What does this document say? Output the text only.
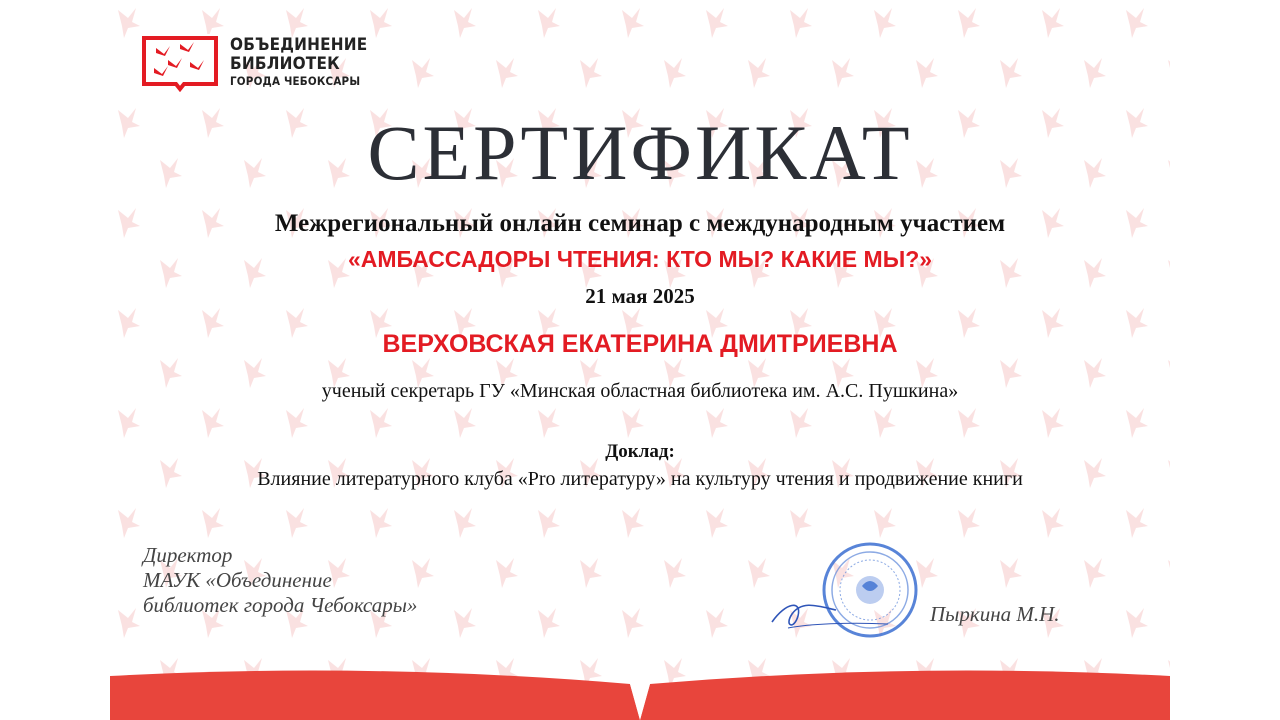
ОБЪЕДИНЕНИЕ
БИБЛИОТЕК
ГОРОДА ЧЕБОКСАРЫ
СЕРТИФИКАТ
Межрегиональный онлайн семинар с международным участием
«АМБАССАДОРЫ ЧТЕНИЯ: КТО МЫ? КАКИЕ МЫ?»
21 мая 2025
ВЕРХОВСКАЯ ЕКАТЕРИНА ДМИТРИЕВНА
ученый секретарь ГУ «Минская областная библиотека им. А.С. Пушкина»
Доклад:
Влияние литературного клуба «Pro литературу» на культуру чтения и продвижение книги
Директор
МАУК «Объединение
библиотек города Чебоксары»	Пыркина М.Н.
